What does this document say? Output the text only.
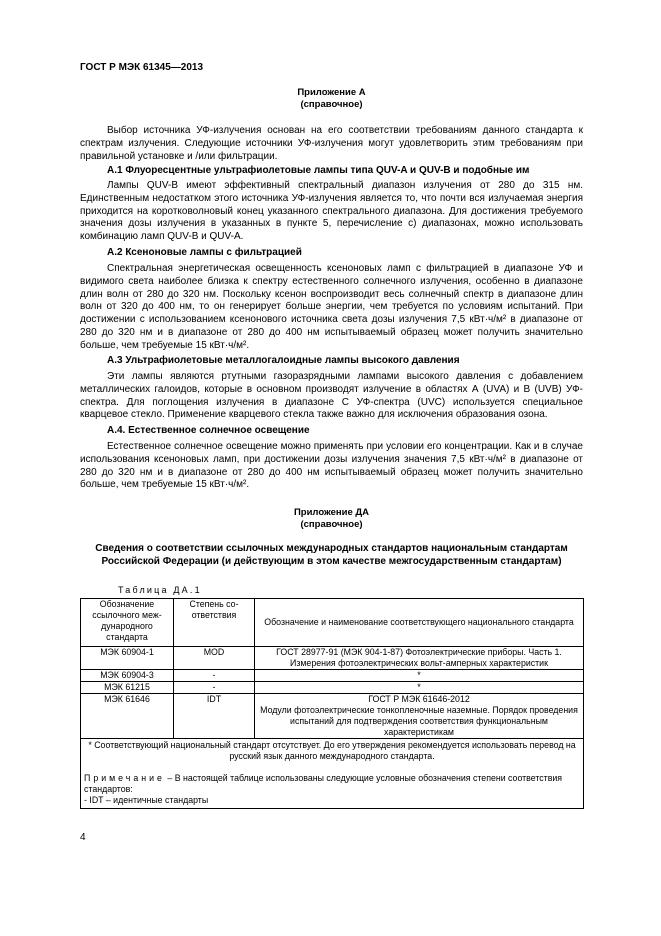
ГОСТ Р МЭК 61345—2013
Приложение А
(справочное)
Выбор источника УФ-излучения основан на его соответствии требованиям данного стандарта к спектрам излучения. Следующие источники УФ-излучения могут удовлетворить этим требованиям при правильной установке и /или фильтрации.
А.1 Флуоресцентные ультрафиолетовые лампы типа QUV-A и QUV-B и подобные им
Лампы QUV-B имеют эффективный спектральный диапазон излучения от 280 до 315 нм. Единственным недостатком этого источника УФ-излучения является то, что почти вся излучаемая энергия приходится на коротковолновый конец указанного спектрального диапазона. Для достижения требуемого значения дозы излучения в указанных в пункте 5, перечисление с) диапазонах, можно использовать комбинацию ламп QUV-B и QUV-A.
А.2 Ксеноновые лампы с фильтрацией
Спектральная энергетическая освещенность ксеноновых ламп с фильтрацией в диапазоне УФ и видимого света наиболее близка к спектру естественного солнечного излучения, особенно в диапазоне длин волн от 280 до 320 нм. Поскольку ксенон воспроизводит весь солнечный спектр в диапазоне длин волн от 320 до 400 нм, то он генерирует больше энергии, чем требуется по условиям испытаний. При достижении с использованием ксенонового источника света дозы излучения 7,5 кВт·ч/м² в диапазоне от 280 до 320 нм и в диапазоне от 280 до 400 нм испытываемый образец может получить значительно больше, чем требуемые 15 кВт·ч/м².
А.3 Ультрафиолетовые металлогалоидные лампы высокого давления
Эти лампы являются ртутными газоразрядными лампами высокого давления с добавлением металлических галоидов, которые в основном производят излучение в областях А (UVA) и В (UVB) УФ-спектра. Для поглощения излучения в диапазоне С УФ-спектра (UVC) используется специальное кварцевое стекло. Применение кварцевого стекла также важно для исключения образования озона.
А.4. Естественное солнечное освещение
Естественное солнечное освещение можно применять при условии его концентрации. Как и в случае использования ксеноновых ламп, при достижении дозы излучения значения 7,5 кВт·ч/м² в диапазоне от 280 до 320 нм и в диапазоне от 280 до 400 нм испытываемый образец может получить значительно больше, чем требуемые 15 кВт·ч/м².
Приложение ДА
(справочное)
Сведения о соответствии ссылочных международных стандартов национальным стандартам Российской Федерации (и действующим в этом качестве межгосударственным стандартам)
Таблица ДА.1
Обозначение ссылочного меж-дународного стандарта	Степень со-ответствия	Обозначение и наименование соответствующего национального стандарта
МЭК 60904-1	MOD	ГОСТ 28977-91 (МЭК 904-1-87) Фотоэлектрические приборы. Часть 1. Измерения фотоэлектрических вольт-амперных характеристик
МЭК 60904-3	-	*
МЭК 61215	-	*
МЭК 61646	IDT	ГОСТ Р МЭК 61646-2012
Модули фотоэлектрические тонкопленочные наземные. Порядок проведения испытаний для подтверждения соответствия функциональным характеристикам

* Соответствующий национальный стандарт отсутствует. До его утверждения рекомендуется использовать перевод на русский язык данного международного стандарта.
Примечание – В настоящей таблице использованы следующие условные обозначения степени соответствия стандартов:
- IDT – идентичные стандарты		
4
